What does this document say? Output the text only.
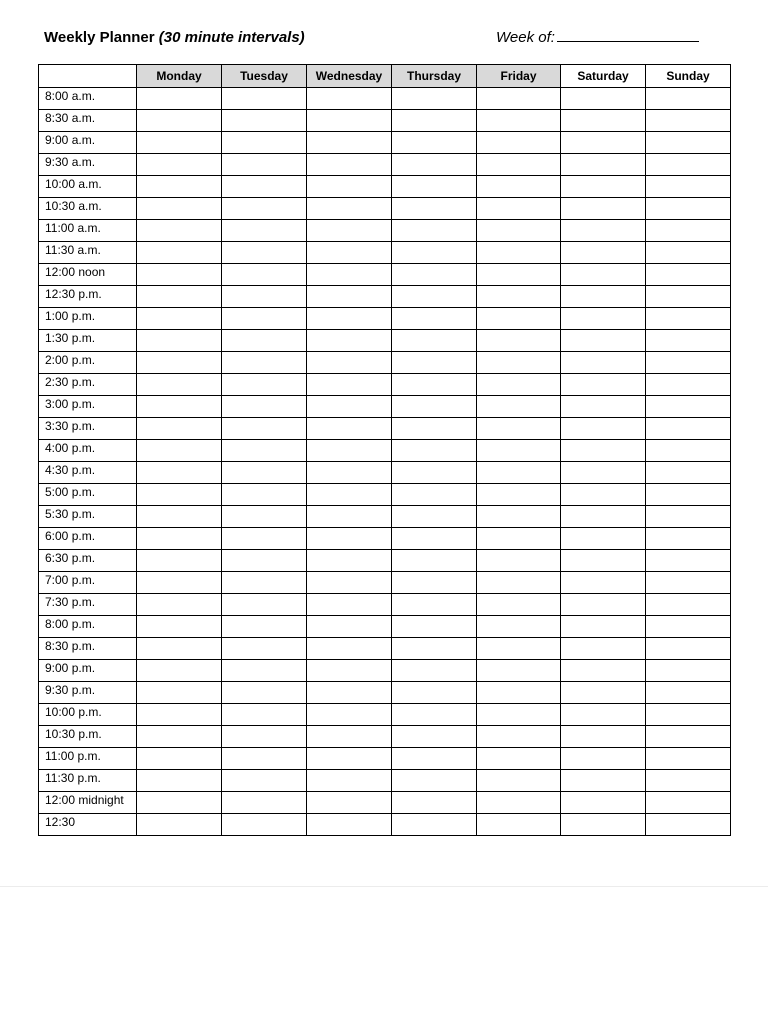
Weekly Planner (30 minute intervals)	Week of:
	Monday	Tuesday	Wednesday	Thursday	Friday	Saturday	Sunday
8:00 a.m.							
8:30 a.m.							
9:00 a.m.							
9:30 a.m.							
10:00 a.m.							
10:30 a.m.							
11:00 a.m.							
11:30 a.m.							
12:00 noon							
12:30 p.m.							
1:00 p.m.							
1:30 p.m.							
2:00 p.m.							
2:30 p.m.							
3:00 p.m.							
3:30 p.m.							
4:00 p.m.							
4:30 p.m.							
5:00 p.m.							
5:30 p.m.							
6:00 p.m.							
6:30 p.m.							
7:00 p.m.							
7:30 p.m.							
8:00 p.m.							
8:30 p.m.							
9:00 p.m.							
9:30 p.m.							
10:00 p.m.							
10:30 p.m.							
11:00 p.m.							
11:30 p.m.							
12:00 midnight							
12:30							
